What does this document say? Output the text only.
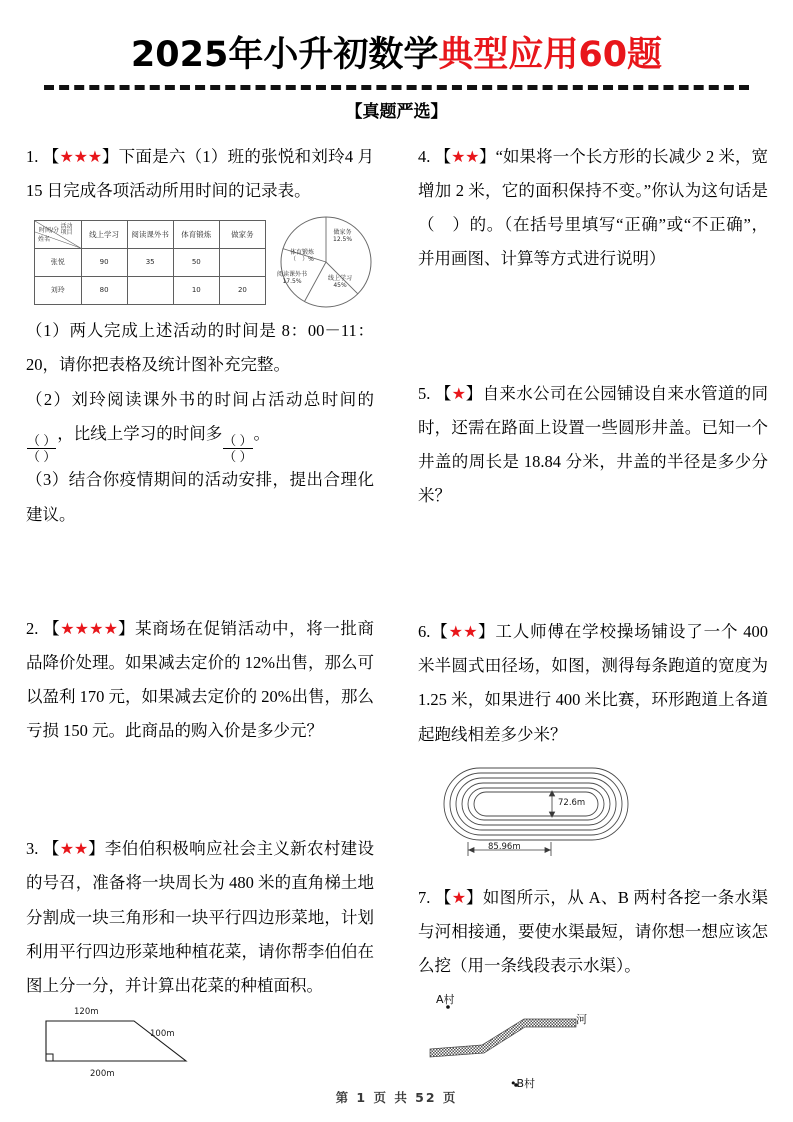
2025年小升初数学典型应用60题
【真题严选】
1. 【★★★】下面是六（1）班的张悦和刘玲4 月 15 日完成各项活动所用时间的记录表。
时间/分
活动项目
姓名	线上学习	阅读课外书	体育锻炼	做家务
张悦	90	35	50	
刘玲	80		10	20
做家务
12.5%
体育锻炼
（　）%
阅读课外书
17.5%	线上学习
45%
（1）两人完成上述活动的时间是 8：00－11：20，请你把表格及统计图补充完整。
（2）刘玲阅读课外书的时间占活动总时间的
$\frac{( )}{( )}$
，比线上学习的时间多
$\frac{( )}{( )}$
。
（3）结合你疫情期间的活动安排，提出合理化建议。
2. 【★★★★】某商场在促销活动中，将一批商品降价处理。如果减去定价的 12%出售，那么可以盈利 170 元，如果减去定价的 20%出售，那么亏损 150 元。此商品的购入价是多少元？
3. 【★★】李伯伯积极响应社会主义新农村建设的号召，准备将一块周长为 480 米的直角梯土地分割成一块三角形和一块平行四边形菜地，计划利用平行四边形菜地种植花菜，请你帮李伯伯在图上分一分，并计算出花菜的种植面积。
120m
100m
200m
4. 【★★】“如果将一个长方形的长减少 2 米，宽增加 2 米，它的面积保持不变。”你认为这句话是（　）的。（在括号里填写“正确”或“不正确”，并用画图、计算等方式进行说明）
5. 【★】自来水公司在公园铺设自来水管道的同时，还需在路面上设置一些圆形井盖。已知一个井盖的周长是 18.84 分米，井盖的半径是多少分米？
6.【★★】工人师傅在学校操场铺设了一个 400 米半圆式田径场，如图，测得每条跑道的宽度为 1.25 米，如果进行 400 米比赛，环形跑道上各道起跑线相差多少米？
72.6m
85.96m
7. 【★】如图所示，从 A、B 两村各挖一条水渠与河相接通，要使水渠最短，请你想一想应该怎么挖（用一条线段表示水渠）。
A村
河
•B村
第 1 页 共 52 页
